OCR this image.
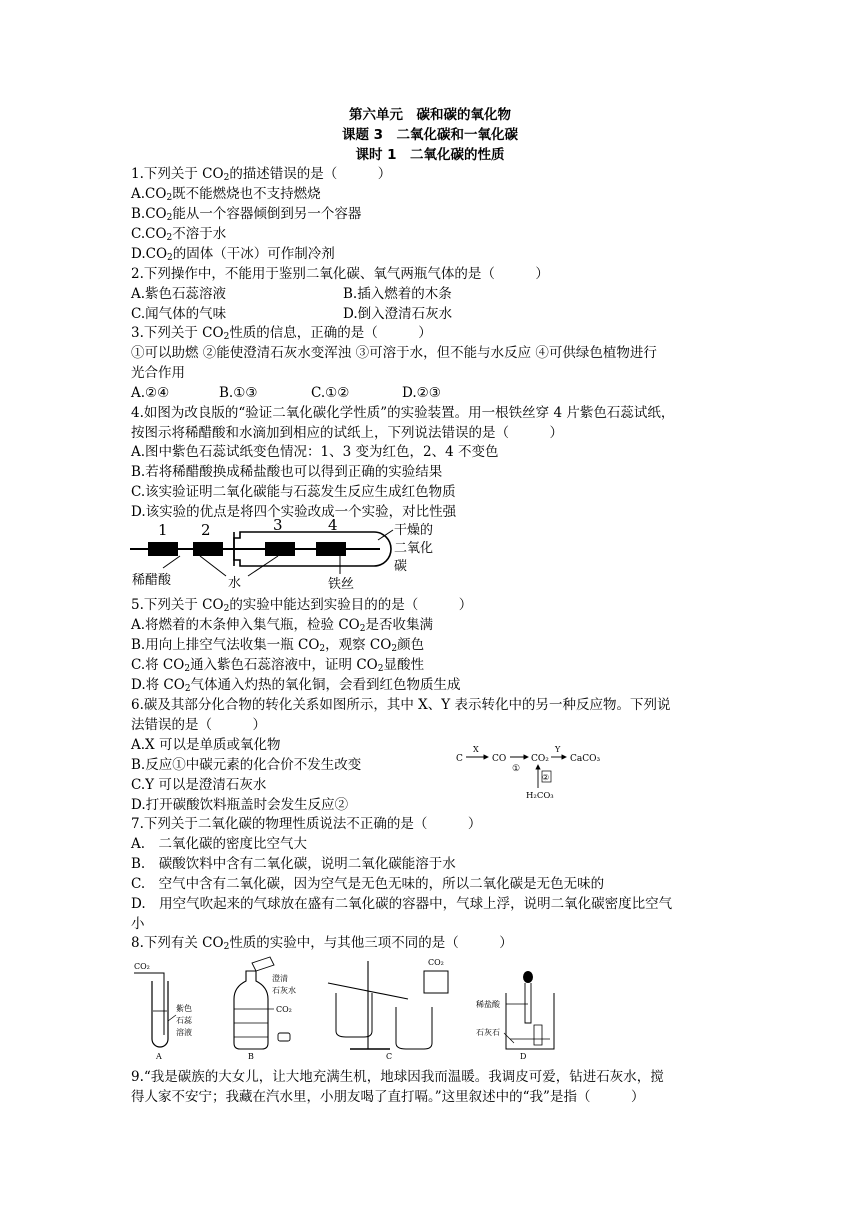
第六单元　碳和碳的氧化物
课题 3　二氧化碳和一氧化碳
课时 1　二氧化碳的性质
1.下列关于 $CO_2$的描述错误的是（　　　）
$A.CO_2$既不能燃烧也不支持燃烧
$B.CO_2$能从一个容器倾倒到另一个容器
$C.CO_2$不溶于水
$D.CO_2$的固体（干冰）可作制冷剂
2.下列操作中，不能用于鉴别二氧化碳、氧气两瓶气体的是（　　　）
A.紫色石蕊溶液	B.插入燃着的木条
C.闻气体的气味	D.倒入澄清石灰水
3.下列关于 $CO_2$性质的信息，正确的是（　　　）
①可以助燃 ②能使澄清石灰水变浑浊 ③可溶于水，但不能与水反应 ④可供绿色植物进行
光合作用
A.②④	B.①③	C.①②	D.②③
4.如图为改良版的“验证二氧化碳化学性质”的实验装置。用一根铁丝穿 4 片紫色石蕊试纸，
按图示将稀醋酸和水滴加到相应的试纸上，下列说法错误的是（　　　）
A.图中紫色石蕊试纸变色情况：1、3 变为红色，2、4 不变色
B.若将稀醋酸换成稀盐酸也可以得到正确的实验结果
C.该实验证明二氧化碳能与石蕊发生反应生成红色物质
D.该实验的优点是将四个实验改成一个实验，对比性强
1 2	3	4
稀醋酸	水	铁丝
干燥的
二氧化
碳
5.下列关于 $CO_2$的实验中能达到实验目的的是（　　　）
A.将燃着的木条伸入集气瓶，检验 $CO_2$是否收集满
B.用向上排空气法收集一瓶 $CO_2$，观察 $CO_2$颜色
C.将 $CO_2$通入紫色石蕊溶液中，证明 $CO_2$显酸性
D.将 $CO_2$气体通入灼热的氧化铜，会看到红色物质生成
6.碳及其部分化合物的转化关系如图所示，其中 X、Y 表示转化中的另一种反应物。下列说
法错误的是（　　　）
A.X 可以是单质或氧化物
B.反应①中碳元素的化合价不发生改变
C.Y 可以是澄清石灰水
D.打开碳酸饮料瓶盖时会发生反应②
C
X
CO
①
CO₂
Y
CaCO₃
②
H₂CO₃
7.下列关于二氧化碳的物理性质说法不正确的是（　　　）
A.　二氧化碳的密度比空气大
B.　碳酸饮料中含有二氧化碳，说明二氧化碳能溶于水
C.　空气中含有二氧化碳，因为空气是无色无味的，所以二氧化碳是无色无味的
D.　用空气吹起来的气球放在盛有二氧化碳的容器中，气球上浮，说明二氧化碳密度比空气
小
8.下列有关 $CO_2$性质的实验中，与其他三项不同的是（　　　）
CO₂
紫色
石蕊
溶液
A
澄清
石灰水
CO₂
B
CO₂
C
稀盐酸
石灰石
D
9.“我是碳族的大女儿，让大地充满生机，地球因我而温暖。我调皮可爱，钻进石灰水，搅
得人家不安宁；我藏在汽水里，小朋友喝了直打嗝。”这里叙述中的“我”是指（　　　）
